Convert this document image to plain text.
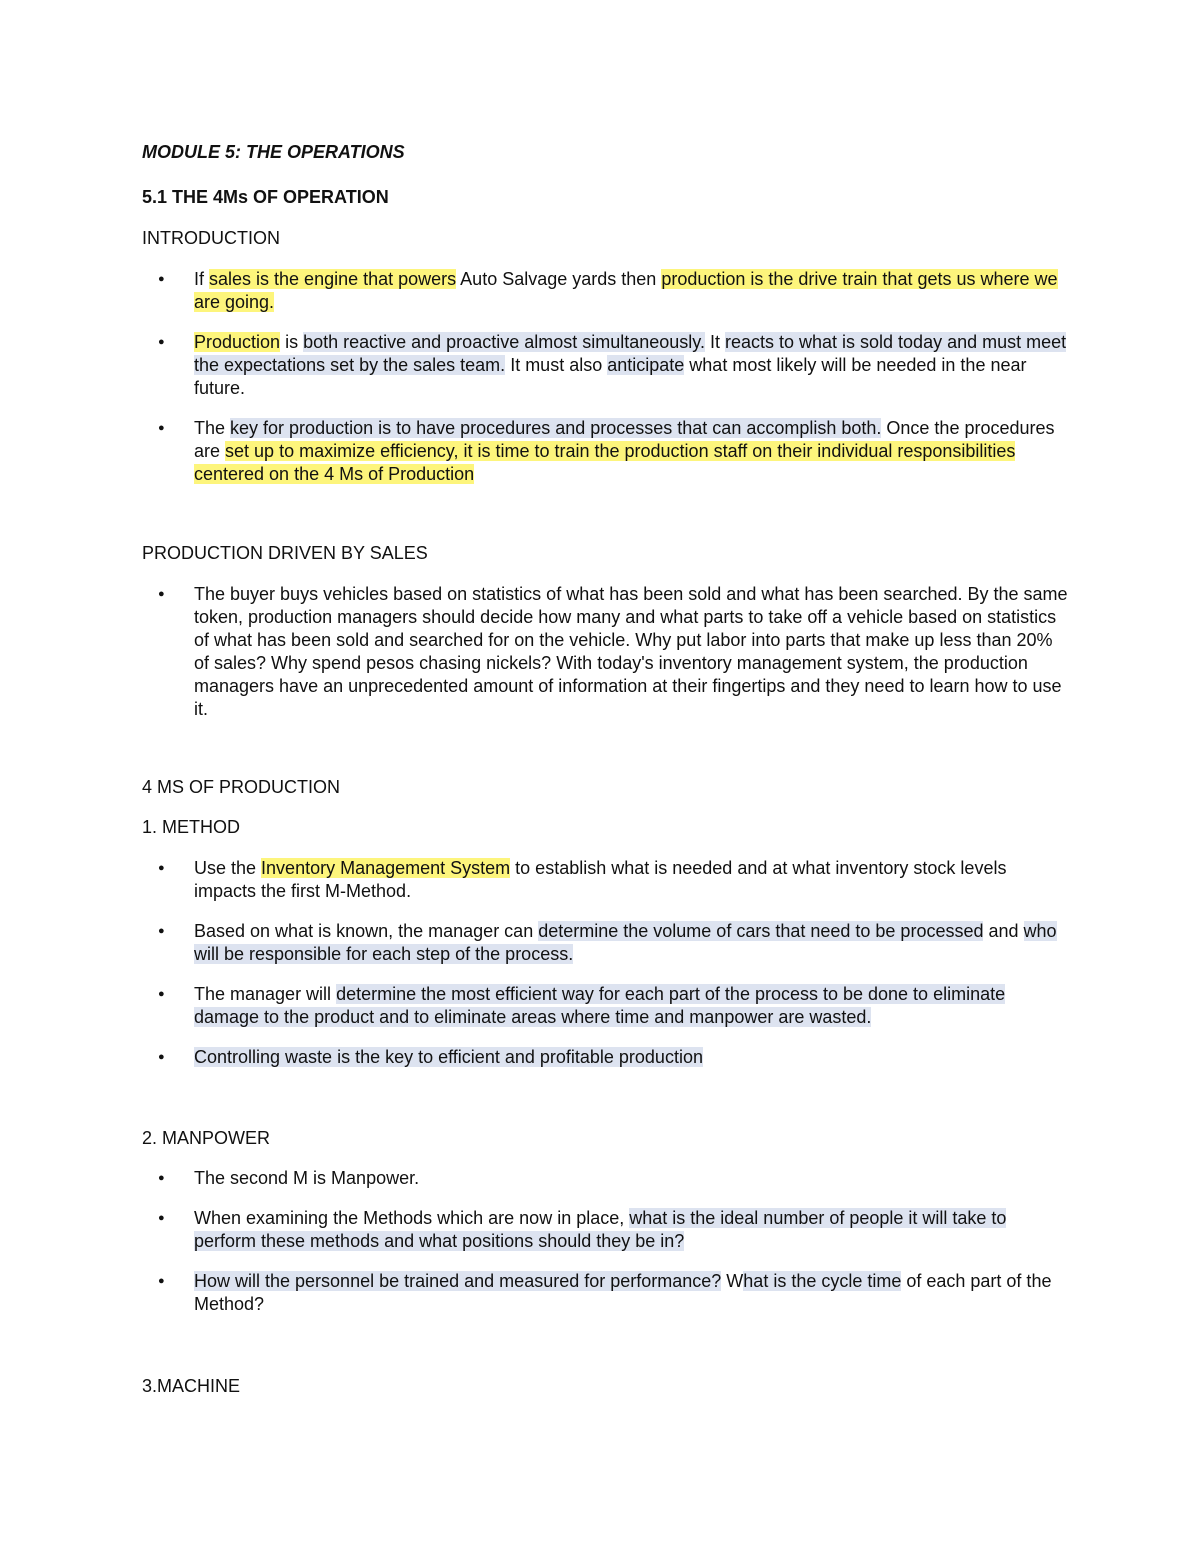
MODULE 5: THE OPERATIONS

5.1 THE 4Ms OF OPERATION

INTRODUCTION

● If sales is the engine that powers Auto Salvage yards then production is the drive train that gets us where we are going.
● Production is both reactive and proactive almost simultaneously. It reacts to what is sold today and must meet the expectations set by the sales team. It must also anticipate what most likely will be needed in the near future.
● The key for production is to have procedures and processes that can accomplish both. Once the procedures are set up to maximize efficiency, it is time to train the production staff on their individual responsibilities centered on the 4 Ms of Production

PRODUCTION DRIVEN BY SALES

● The buyer buys vehicles based on statistics of what has been sold and what has been searched. By the same token, production managers should decide how many and what parts to take off a vehicle based on statistics of what has been sold and searched for on the vehicle. Why put labor into parts that make up less than 20% of sales? Why spend pesos chasing nickels? With today's inventory management system, the production managers have an unprecedented amount of information at their fingertips and they need to learn how to use it.

4 MS OF PRODUCTION

1. METHOD

● Use the Inventory Management System to establish what is needed and at what inventory stock levels impacts the first M-Method.
● Based on what is known, the manager can determine the volume of cars that need to be processed and who will be responsible for each step of the process.
● The manager will determine the most efficient way for each part of the process to be done to eliminate damage to the product and to eliminate areas where time and manpower are wasted.
● Controlling waste is the key to efficient and profitable production

2. MANPOWER

● The second M is Manpower.
● When examining the Methods which are now in place, what is the ideal number of people it will take to perform these methods and what positions should they be in?
● How will the personnel be trained and measured for performance? What is the cycle time of each part of the Method?

3.MACHINE
